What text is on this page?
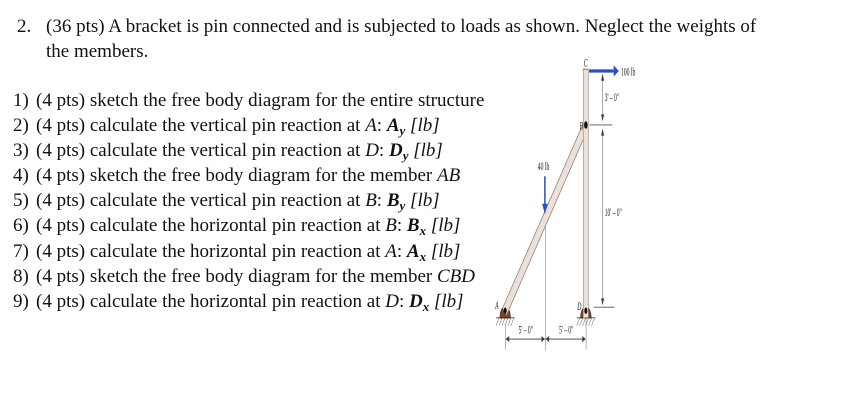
2. (36 pts) A bracket is pin connected and is subjected to loads as shown. Neglect the weights of the members.

1) (4 pts) sketch the free body diagram for the entire structure
2) (4 pts) calculate the vertical pin reaction at A: $A_y$ [lb]
3) (4 pts) calculate the vertical pin reaction at D: $D_y$ [lb]
4) (4 pts) sketch the free body diagram for the member AB
5) (4 pts) calculate the vertical pin reaction at B: $B_y$ [lb]
6) (4 pts) calculate the horizontal pin reaction at B: $B_x$ [lb]
7) (4 pts) calculate the horizontal pin reaction at A: $A_x$ [lb]
8) (4 pts) sketch the free body diagram for the member CBD
9) (4 pts) calculate the horizontal pin reaction at D: $D_x$ [lb]
3' – 0"
10' – 0"
5' – 0" 5' – 0"
100 lb
40 lb
C
B
A	D
